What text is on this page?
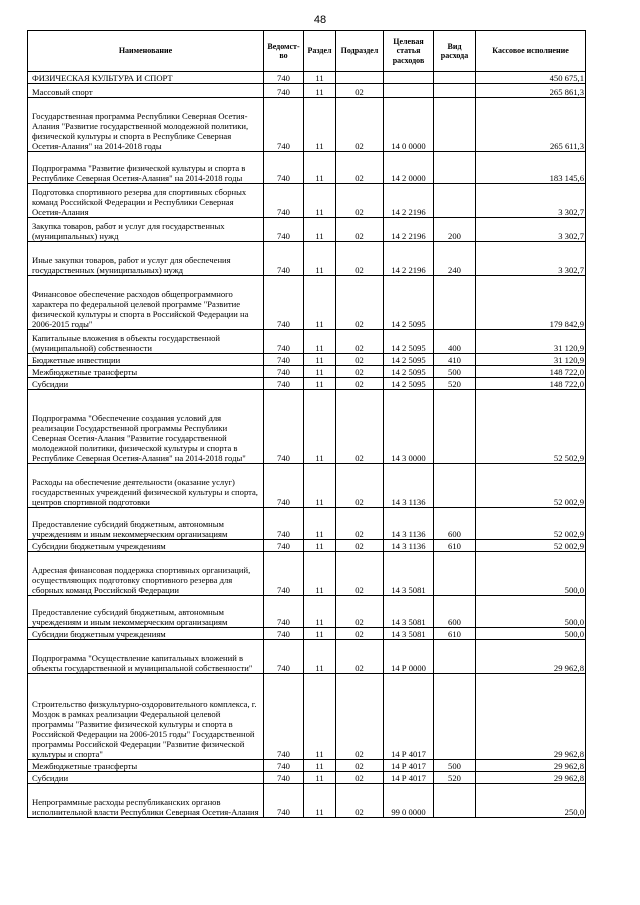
48
Наименование	Ведомст-во	Раздел	Подраздел	Целевая статья расходов	Вид расхода	Кассовое исполнение
ФИЗИЧЕСКАЯ КУЛЬТУРА И СПОРТ	740	11				450 675,1
Массовый спорт	740	11	02			265 861,3
Государственная программа Республики Северная Осетия-Алания "Развитие государственной молодежной политики, физической культуры и спорта в Республике Северная Осетия-Алания" на 2014-2018 годы	740	11	02	14 0 0000		265 611,3
Подпрограмма "Развитие физической культуры и спорта в Республике Северная Осетия-Алания" на 2014-2018 годы	740	11	02	14 2 0000		183 145,6
Подготовка спортивного резерва для спортивных сборных команд Российской Федерации и Республики Северная Осетия-Алания	740	11	02	14 2 2196		3 302,7
Закупка товаров, работ и услуг для государственных (муниципальных) нужд	740	11	02	14 2 2196	200	3 302,7
Иные закупки товаров, работ и услуг для обеспечения государственных (муниципальных) нужд	740	11	02	14 2 2196	240	3 302,7
Финансовое обеспечение расходов общепрограммного характера по федеральной целевой программе "Развитие физической культуры и спорта в Российской Федерации на 2006-2015 годы"	740	11	02	14 2 5095		179 842,9
Капитальные вложения в объекты государственной (муниципальной) собственности	740	11	02	14 2 5095	400	31 120,9
Бюджетные инвестиции	740	11	02	14 2 5095	410	31 120,9
Межбюджетные трансферты	740	11	02	14 2 5095	500	148 722,0
Субсидии	740	11	02	14 2 5095	520	148 722,0
Подпрограмма "Обеспечение создания условий для реализации Государственной программы Республики Северная Осетия-Алания "Развитие государственной молодежной политики, физической культуры и спорта в Республике Северная Осетия-Алания" на 2014-2018 годы"	740	11	02	14 3 0000		52 502,9
Расходы на обеспечение деятельности (оказание услуг) государственных учреждений физической культуры и спорта, центров спортивной подготовки	740	11	02	14 3 1136		52 002,9
Предоставление субсидий бюджетным, автономным учреждениям и иным некоммерческим организациям	740	11	02	14 3 1136	600	52 002,9
Субсидии бюджетным учреждениям	740	11	02	14 3 1136	610	52 002,9
Адресная финансовая поддержка спортивных организаций, осуществляющих подготовку спортивного резерва для сборных команд Российской Федерации	740	11	02	14 3 5081		500,0
Предоставление субсидий бюджетным, автономным учреждениям и иным некоммерческим организациям	740	11	02	14 3 5081	600	500,0
Субсидии бюджетным учреждениям	740	11	02	14 3 5081	610	500,0
Подпрограмма "Осуществление капитальных вложений в объекты государственной и муниципальной собственности"	740	11	02	14 Р 0000		29 962,8
Строительство физкультурно-оздоровительного комплекса, г. Моздок в рамках реализации Федеральной целевой программы "Развитие физической культуры и спорта в Российской Федерации на 2006-2015 годы" Государственной программы Российской Федерации "Развитие физической культуры и спорта"	740	11	02	14 Р 4017		29 962,8
Межбюджетные трансферты	740	11	02	14 Р 4017	500	29 962,8
Субсидии	740	11	02	14 Р 4017	520	29 962,8
Непрограммные расходы республиканских органов исполнительной власти Республики Северная Осетия-Алания	740	11	02	99 0 0000		250,0
